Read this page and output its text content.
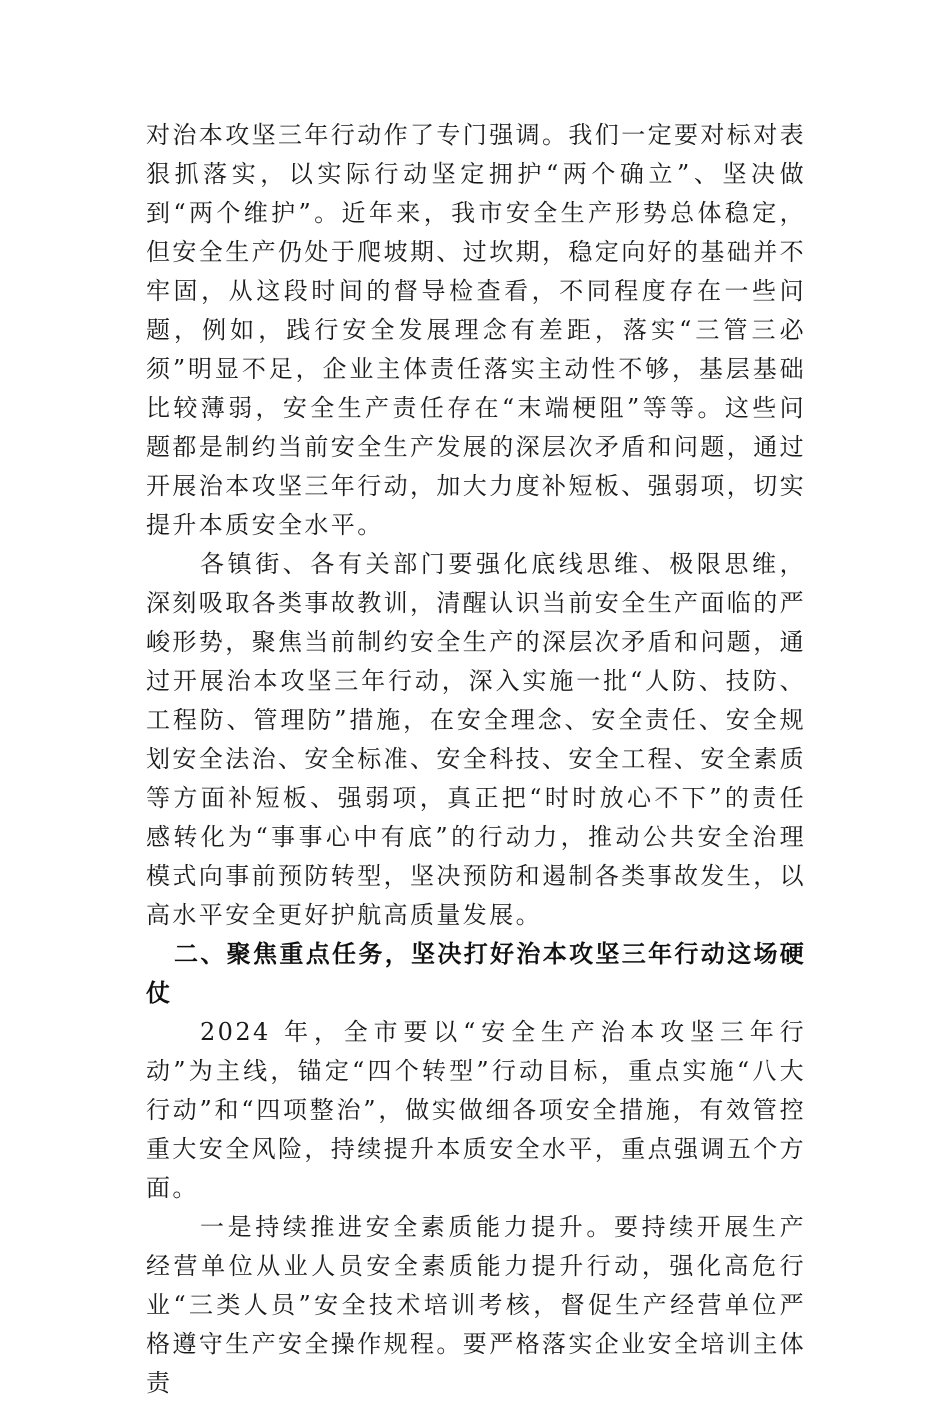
对治本攻坚三年行动作了专门强调。我们一定要对标对表狠抓落实，以实际行动坚定拥护“两个确立”、坚决做到“两个维护”。近年来，我市安全生产形势总体稳定，但安全生产仍处于爬坡期、过坎期，稳定向好的基础并不牢固，从这段时间的督导检查看，不同程度存在一些问题，例如，践行安全发展理念有差距，落实“三管三必须”明显不足，企业主体责任落实主动性不够，基层基础比较薄弱，安全生产责任存在“末端梗阻”等等。这些问题都是制约当前安全生产发展的深层次矛盾和问题，通过开展治本攻坚三年行动，加大力度补短板、强弱项，切实提升本质安全水平。

各镇街、各有关部门要强化底线思维、极限思维，深刻吸取各类事故教训，清醒认识当前安全生产面临的严峻形势，聚焦当前制约安全生产的深层次矛盾和问题，通过开展治本攻坚三年行动，深入实施一批“人防、技防、工程防、管理防”措施，在安全理念、安全责任、安全规划安全法治、安全标准、安全科技、安全工程、安全素质等方面补短板、强弱项，真正把“时时放心不下”的责任感转化为“事事心中有底”的行动力，推动公共安全治理模式向事前预防转型，坚决预防和遏制各类事故发生，以高水平安全更好护航高质量发展。

二、聚焦重点任务，坚决打好治本攻坚三年行动这场硬仗

2024 年，全市要以“安全生产治本攻坚三年行动”为主线，锚定“四个转型”行动目标，重点实施“八大行动”和“四项整治”，做实做细各项安全措施，有效管控重大安全风险，持续提升本质安全水平，重点强调五个方面。

一是持续推进安全素质能力提升。要持续开展生产经营单位从业人员安全素质能力提升行动，强化高危行业“三类人员”安全技术培训考核，督促生产经营单位严格遵守生产安全操作规程。要严格落实企业安全培训主体责
